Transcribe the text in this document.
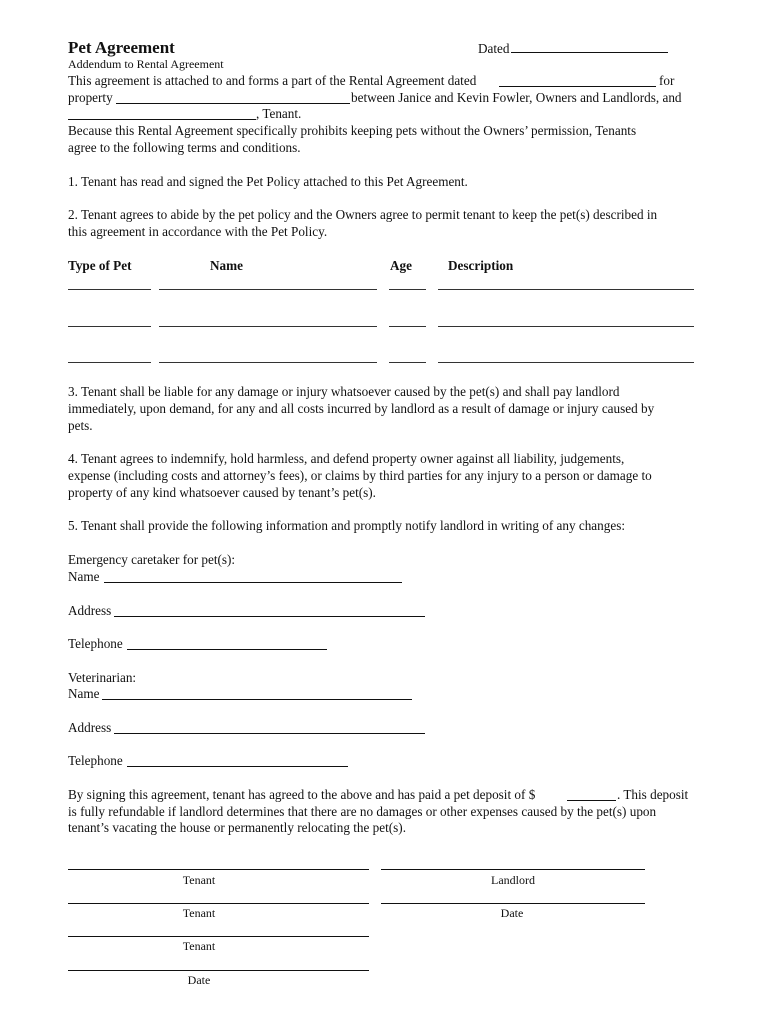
Pet Agreement	Dated
Addendum to Rental Agreement
This agreement is attached to and forms a part of the Rental Agreement dated	for
property	between Janice and Kevin Fowler, Owners and Landlords, and
, Tenant.
Because this Rental Agreement specifically prohibits keeping pets without the Owners’ permission, Tenants
agree to the following terms and conditions.
1. Tenant has read and signed the Pet Policy attached to this Pet Agreement.
2. Tenant agrees to abide by the pet policy and the Owners agree to permit tenant to keep the pet(s) described in
this agreement in accordance with the Pet Policy.
Type of Pet	Name	Age	Description
3. Tenant shall be liable for any damage or injury whatsoever caused by the pet(s) and shall pay landlord
immediately, upon demand, for any and all costs incurred by landlord as a result of damage or injury caused by
pets.
4. Tenant agrees to indemnify, hold harmless, and defend property owner against all liability, judgements,
expense (including costs and attorney’s fees), or claims by third parties for any injury to a person or damage to
property of any kind whatsoever caused by tenant’s pet(s).
5. Tenant shall provide the following information and promptly notify landlord in writing of any changes:
Emergency caretaker for pet(s):
Name
Address
Telephone
Veterinarian:
Name
Address
Telephone
By signing this agreement, tenant has agreed to the above and has paid a pet deposit of $	. This deposit
is fully refundable if landlord determines that there are no damages or other expenses caused by the pet(s) upon
tenant’s vacating the house or permanently relocating the pet(s).
Tenant	Landlord
Tenant	Date
Tenant
Date
